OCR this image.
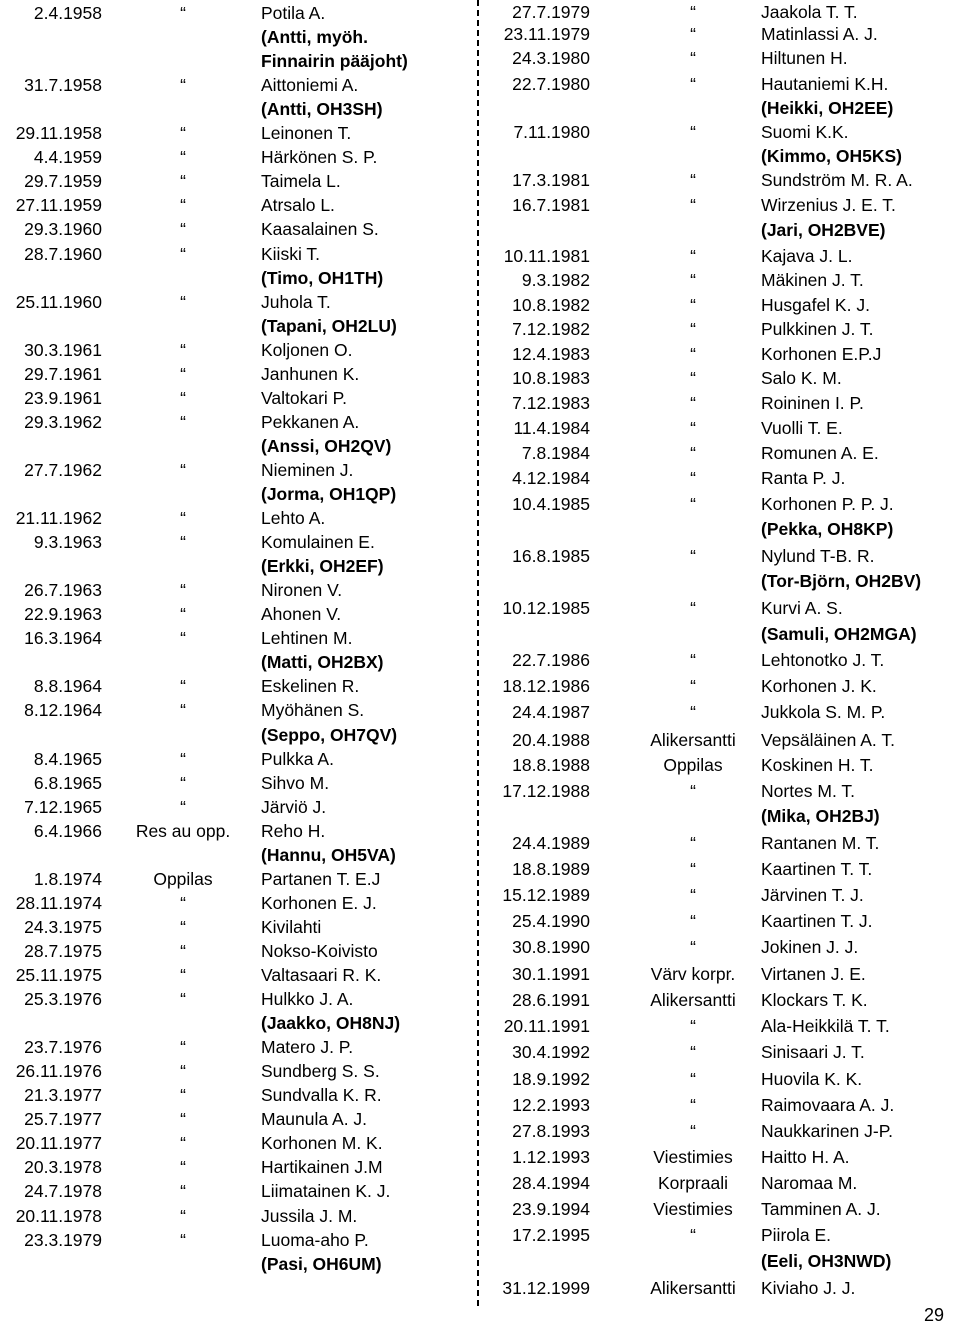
2.4.1958	“	Potila A.
(Antti, myöh.
Finnairin pääjoht)
31.7.1958	“	Aittoniemi A.
(Antti, OH3SH)
29.11.1958	“	Leinonen T.
4.4.1959	“	Härkönen S. P.
29.7.1959	“	Taimela L.
27.11.1959	“	Atrsalo L.
29.3.1960	“	Kaasalainen S.
28.7.1960	“	Kiiski T.
(Timo, OH1TH)
25.11.1960	“	Juhola T.
(Tapani, OH2LU)
30.3.1961	“	Koljonen O.
29.7.1961	“	Janhunen K.
23.9.1961	“	Valtokari P.
29.3.1962	“	Pekkanen A.
(Anssi, OH2QV)
27.7.1962	“	Nieminen J.
(Jorma, OH1QP)
21.11.1962	“	Lehto A.
9.3.1963	“	Komulainen E.
(Erkki, OH2EF)
26.7.1963	“	Nironen V.
22.9.1963	“	Ahonen V.
16.3.1964	“	Lehtinen M.
(Matti, OH2BX)
8.8.1964	“	Eskelinen R.
8.12.1964	“	Myöhänen S.
(Seppo, OH7QV)
8.4.1965	“	Pulkka A.
6.8.1965	“	Sihvo M.
7.12.1965	“	Järviö J.
6.4.1966	Res au opp.	Reho H.
(Hannu, OH5VA)
1.8.1974	Oppilas	Partanen T. E.J
28.11.1974	“	Korhonen E. J.
24.3.1975	“	Kivilahti
28.7.1975	“	Nokso-Koivisto
25.11.1975	“	Valtasaari R. K.
25.3.1976	“	Hulkko J. A.
(Jaakko, OH8NJ)
23.7.1976	“	Matero J. P.
26.11.1976	“	Sundberg S. S.
21.3.1977	“	Sundvalla K. R.
25.7.1977	“	Maunula A. J.
20.11.1977	“	Korhonen M. K.
20.3.1978	“	Hartikainen J.M
24.7.1978	“	Liimatainen K. J.
20.11.1978	“	Jussila J. M.
23.3.1979	“	Luoma-aho P.
(Pasi, OH6UM)
27.7.1979	“	Jaakola T. T.
23.11.1979	“	Matinlassi A. J.
24.3.1980	“	Hiltunen H.
22.7.1980	“	Hautaniemi K.H.
(Heikki, OH2EE)
7.11.1980	“	Suomi K.K.
(Kimmo, OH5KS)
17.3.1981	“	Sundström M. R. A.
16.7.1981	“	Wirzenius J. E. T.
(Jari, OH2BVE)
10.11.1981	“	Kajava J. L.
9.3.1982	“	Mäkinen J. T.
10.8.1982	“	Husgafel K. J.
7.12.1982	“	Pulkkinen J. T.
12.4.1983	“	Korhonen E.P.J
10.8.1983	“	Salo K. M.
7.12.1983	“	Roininen I. P.
11.4.1984	“	Vuolli T. E.
7.8.1984	“	Romunen A. E.
4.12.1984	“	Ranta P. J.
10.4.1985	“	Korhonen P. P. J.
(Pekka, OH8KP)
16.8.1985	“	Nylund T-B. R.
(Tor-Björn, OH2BV)
10.12.1985	“	Kurvi A. S.
(Samuli, OH2MGA)
22.7.1986	“	Lehtonotko J. T.
18.12.1986	“	Korhonen J. K.
24.4.1987	“	Jukkola S. M. P.
20.4.1988	Alikersantti	Vepsäläinen A. T.
18.8.1988	Oppilas	Koskinen H. T.
17.12.1988	“	Nortes M. T.
(Mika, OH2BJ)
24.4.1989	“	Rantanen M. T.
18.8.1989	“	Kaartinen T. T.
15.12.1989	“	Järvinen T. J.
25.4.1990	“	Kaartinen T. J.
30.8.1990	“	Jokinen J. J.
30.1.1991	Värv korpr.	Virtanen J. E.
28.6.1991	Alikersantti	Klockars T. K.
20.11.1991	“	Ala-Heikkilä T. T.
30.4.1992	“	Sinisaari J. T.
18.9.1992	“	Huovila K. K.
12.2.1993	“	Raimovaara A. J.
27.8.1993	“	Naukkarinen J-P.
1.12.1993	Viestimies	Haitto H. A.
28.4.1994	Korpraali	Naromaa M.
23.9.1994	Viestimies	Tamminen A. J.
17.2.1995	“	Piirola E.
(Eeli, OH3NWD)
31.12.1999	Alikersantti	Kiviaho J. J.
29
